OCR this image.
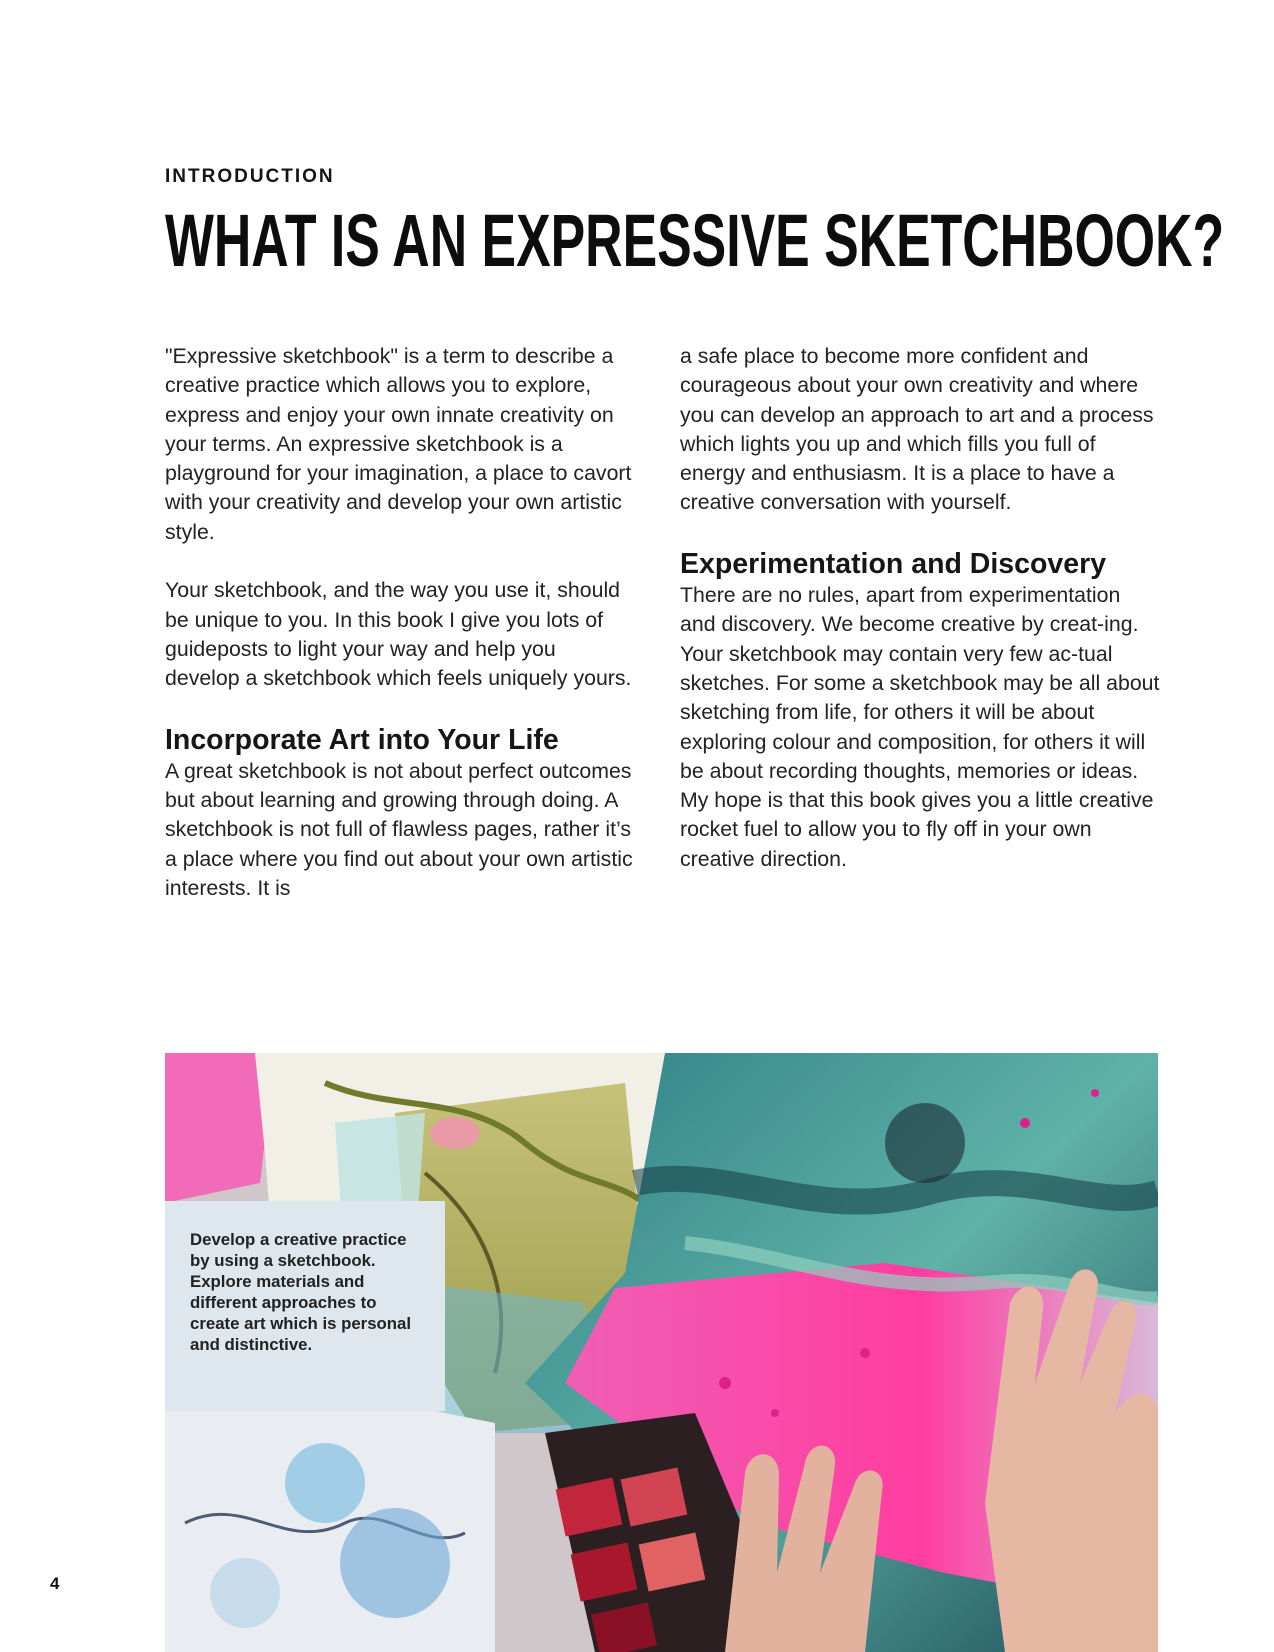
INTRODUCTION
WHAT IS AN EXPRESSIVE SKETCHBOOK?

"Expressive sketchbook" is a term to describe a creative practice which allows you to explore, express and enjoy your own innate creativity on your terms. An expressive sketchbook is a playground for your imagination, a place to cavort with your creativity and develop your own artistic style.

Your sketchbook, and the way you use it, should be unique to you. In this book I give you lots of guideposts to light your way and help you develop a sketchbook which feels uniquely yours.

Incorporate Art into Your Life

A great sketchbook is not about perfect outcomes but about learning and growing through doing. A sketchbook is not full of flawless pages, rather it’s a place where you find out about your own artistic interests. It is

a safe place to become more confident and courageous about your own creativity and where you can develop an approach to art and a process which lights you up and which fills you full of energy and enthusiasm. It is a place to have a creative conversation with yourself.

Experimentation and Discovery

There are no rules, apart from experimentation and discovery. We become creative by creat-ing. Your sketchbook may contain very few ac-tual sketches. For some a sketchbook may be all about sketching from life, for others it will be about exploring colour and composition, for others it will be about recording thoughts, memories or ideas. My hope is that this book gives you a little creative rocket fuel to allow you to fly off in your own creative direction.

Develop a creative practice by using a sketchbook. Explore materials and different approaches to create art which is personal and distinctive.
4
